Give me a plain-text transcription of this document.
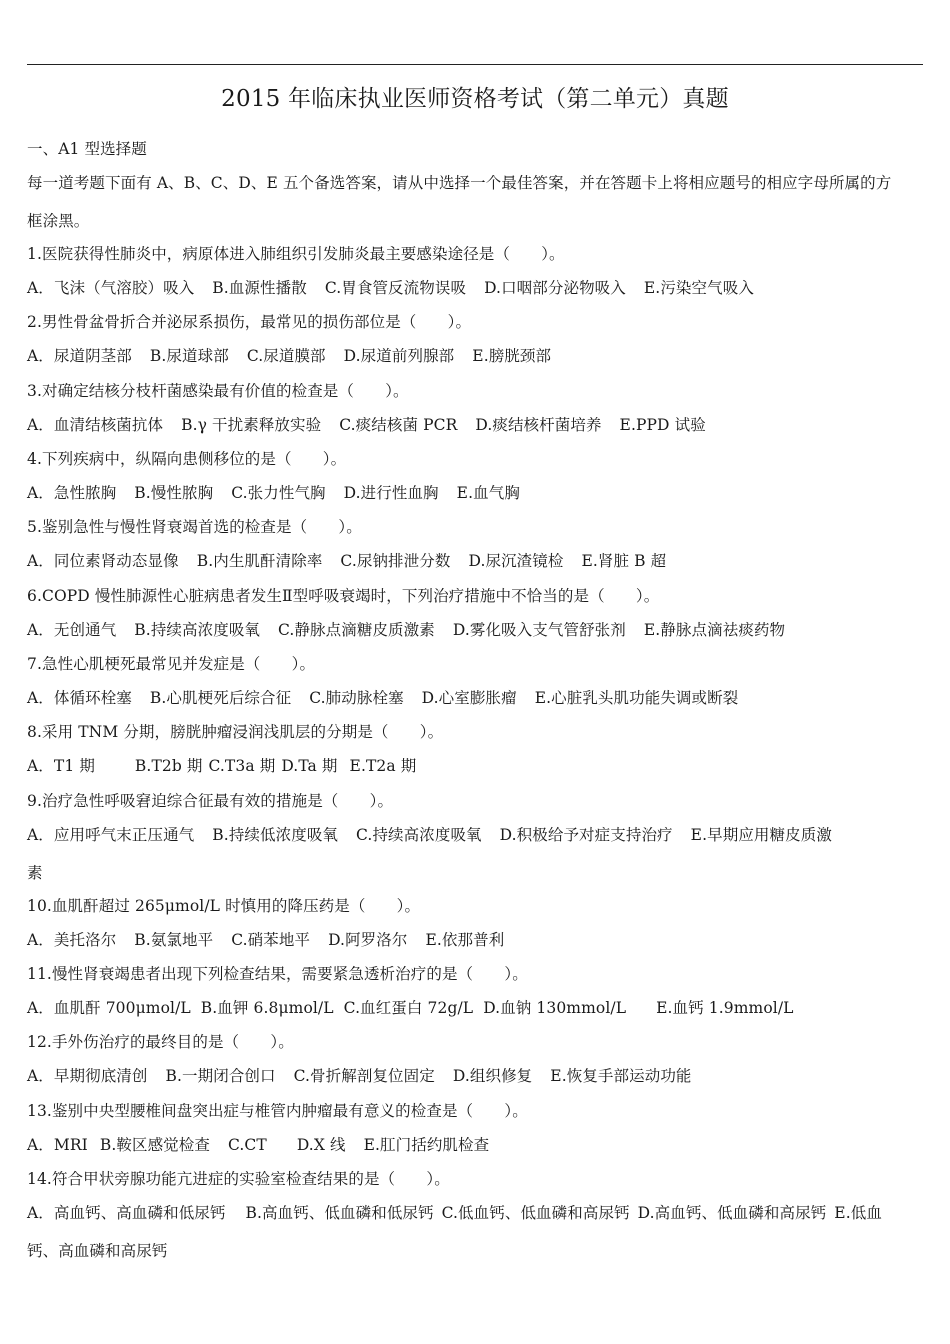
2015 年临床执业医师资格考试（第二单元）真题
一、A1 型选择题
每一道考题下面有 A、B、C、D、E 五个备选答案，请从中选择一个最佳答案，并在答题卡上将相应题号的相应字母所属的方
框涂黑。
1.医院获得性肺炎中，病原体进入肺组织引发肺炎最主要感染途径是（　　）。
A．飞沫（气溶胶）吸入 B.血源性播散 C.胃食管反流物误吸 D.口咽部分泌物吸入 E.污染空气吸入
2.男性骨盆骨折合并泌尿系损伤，最常见的损伤部位是（　　）。
A．尿道阴茎部 B.尿道球部 C.尿道膜部 D.尿道前列腺部 E.膀胱颈部
3.对确定结核分枝杆菌感染最有价值的检查是（　　）。
A．血清结核菌抗体 B.γ 干扰素释放实验 C.痰结核菌 PCR D.痰结核杆菌培养 E.PPD 试验
4.下列疾病中，纵隔向患侧移位的是（　　）。
A．急性脓胸 B.慢性脓胸 C.张力性气胸 D.进行性血胸 E.血气胸
5.鉴别急性与慢性肾衰竭首选的检查是（　　）。
A．同位素肾动态显像 B.内生肌酐清除率 C.尿钠排泄分数 D.尿沉渣镜检 E.肾脏 B 超
6.COPD 慢性肺源性心脏病患者发生Ⅱ型呼吸衰竭时，下列治疗措施中不恰当的是（　　）。
A．无创通气 B.持续高浓度吸氧 C.静脉点滴糖皮质激素 D.雾化吸入支气管舒张剂 E.静脉点滴祛痰药物
7.急性心肌梗死最常见并发症是（　　）。
A．体循环栓塞 B.心肌梗死后综合征 C.肺动脉栓塞 D.心室膨胀瘤 E.心脏乳头肌功能失调或断裂
8.采用 TNM 分期，膀胱肿瘤浸润浅肌层的分期是（　　）。
A．T1 期	B.T2b 期 C.T3a 期 D.Ta 期 E.T2a 期
9.治疗急性呼吸窘迫综合征最有效的措施是（　　）。
A．应用呼气末正压通气 B.持续低浓度吸氧 C.持续高浓度吸氧 D.积极给予对症支持治疗 E.早期应用糖皮质激
素
10.血肌酐超过 265μmol/L 时慎用的降压药是（　　）。
A．美托洛尔 B.氨氯地平 C.硝苯地平 D.阿罗洛尔 E.依那普利
11.慢性肾衰竭患者出现下列检查结果，需要紧急透析治疗的是（　　）。
A．血肌酐 700μmol/L B.血钾 6.8μmol/L C.血红蛋白 72g/L D.血钠 130mmol/L E.血钙 1.9mmol/L
12.手外伤治疗的最终目的是（　　）。
A．早期彻底清创 B.一期闭合创口 C.骨折解剖复位固定 D.组织修复 E.恢复手部运动功能
13.鉴别中央型腰椎间盘突出症与椎管内肿瘤最有意义的检查是（　　）。
A．MRI B.鞍区感觉检查 C.CT D.X 线 E.肛门括约肌检查
14.符合甲状旁腺功能亢进症的实验室检查结果的是（　　）。
A．高血钙、高血磷和低尿钙 B.高血钙、低血磷和低尿钙 C.低血钙、低血磷和高尿钙 D.高血钙、低血磷和高尿钙 E.低血
钙、高血磷和高尿钙
